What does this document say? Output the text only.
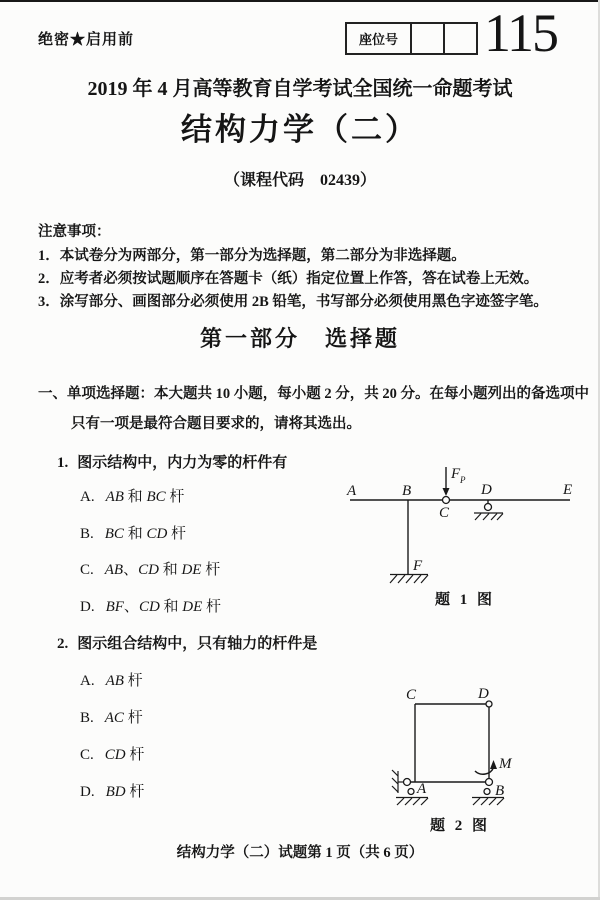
绝密★启用前	座位号 115
2019 年 4 月高等教育自学考试全国统一命题考试
结构力学（二）
（课程代码　02439）
注意事项：
1．本试卷分为两部分，第一部分为选择题，第二部分为非选择题。
2．应考者必须按试题顺序在答题卡（纸）指定位置上作答，答在试卷上无效。
3．涂写部分、画图部分必须使用 2B 铅笔，书写部分必须使用黑色字迹签字笔。
第一部分　选择题
一、单项选择题：本大题共 10 小题，每小题 2 分，共 20 分。在每小题列出的备选项中
只有一项是最符合题目要求的，请将其选出。
1. 图示结构中，内力为零的杆件有
A. AB 和 BC 杆
B. BC 和 CD 杆
C. AB、CD 和 DE 杆
D. BF、CD 和 DE 杆
A	B
C
D	E
F
F P
题 1 图
2. 图示组合结构中，只有轴力的杆件是
A. AB 杆
B. AC 杆
C. CD 杆
D. BD 杆
C	D
A	B
M
题 2 图
结构力学（二）试题第 1 页（共 6 页）
